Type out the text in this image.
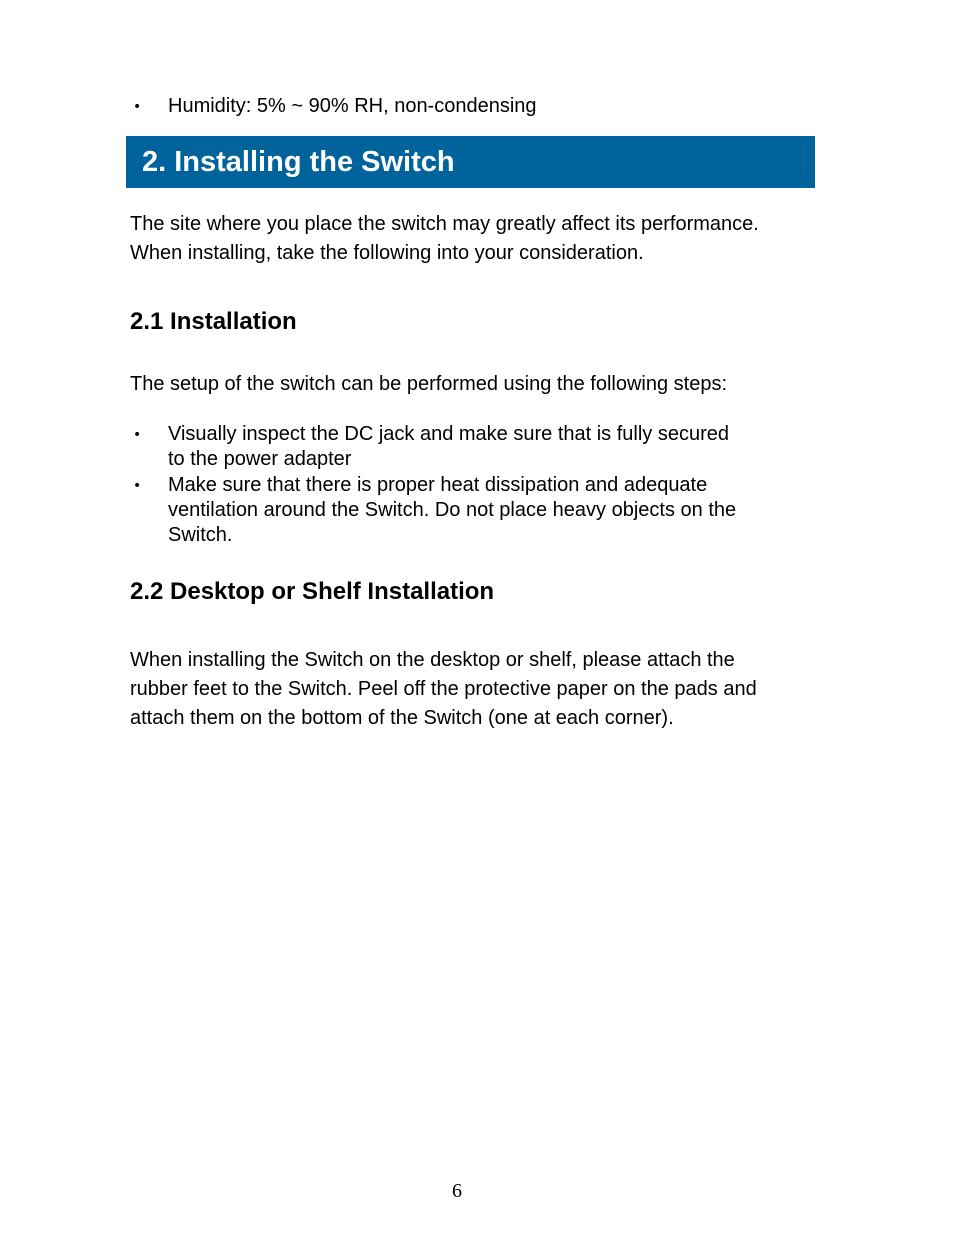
• Humidity: 5% ~ 90% RH, non-condensing
2. Installing the Switch
The site where you place the switch may greatly affect its performance.
When installing, take the following into your consideration.
2.1 Installation
The setup of the switch can be performed using the following steps:
• Visually inspect the DC jack and make sure that is fully secured
to the power adapter
• Make sure that there is proper heat dissipation and adequate
ventilation around the Switch. Do not place heavy objects on the
Switch.
2.2 Desktop or Shelf Installation
When installing the Switch on the desktop or shelf, please attach the
rubber feet to the Switch. Peel off the protective paper on the pads and
attach them on the bottom of the Switch (one at each corner).
6
